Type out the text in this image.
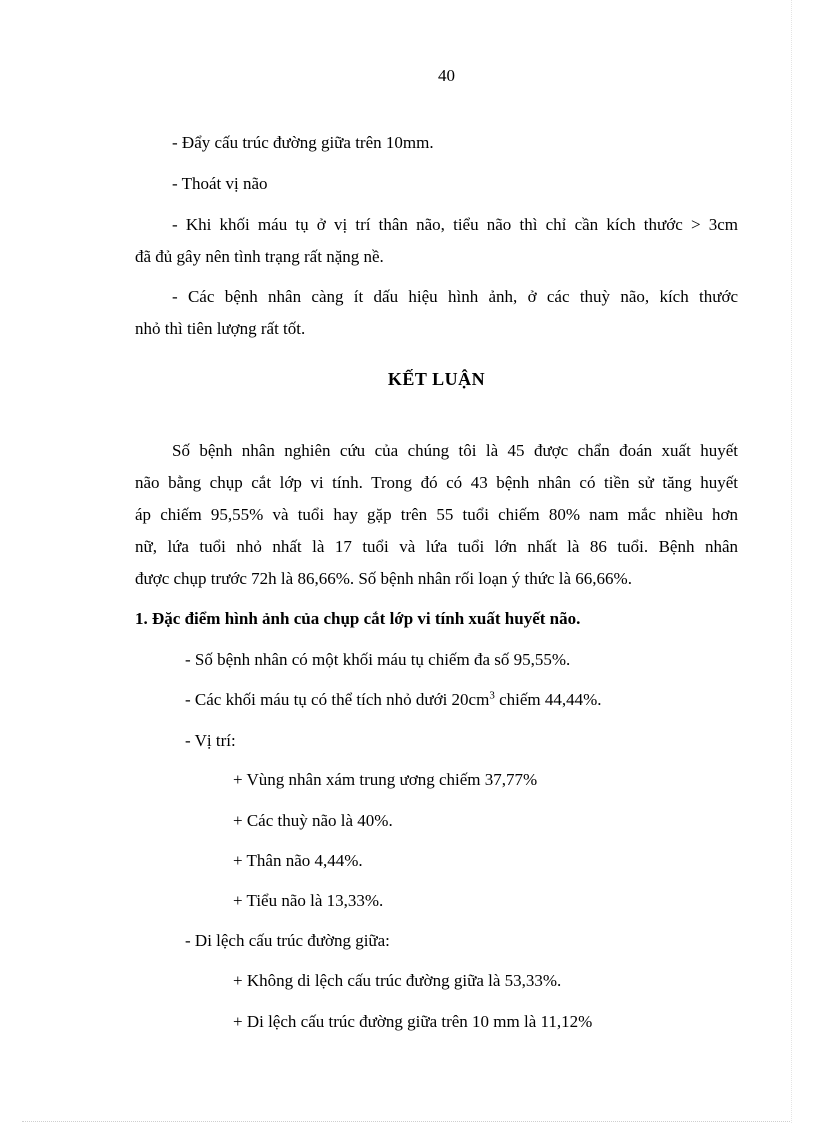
40
- Đẩy cấu trúc đường giữa trên 10mm.
- Thoát vị não
- Khi khối máu tụ ở vị trí thân não, tiểu não thì chỉ cần kích thước > 3cm
đã đủ gây nên tình trạng rất nặng nề.
- Các bệnh nhân càng ít dấu hiệu hình ảnh, ở các thuỳ não, kích thước
nhỏ thì tiên lượng rất tốt.
KẾT LUẬN
Số bệnh nhân nghiên cứu của chúng tôi là 45 được chẩn đoán xuất huyết
não bằng chụp cắt lớp vi tính. Trong đó có 43 bệnh nhân có tiền sử tăng huyết
áp chiếm 95,55% và tuổi hay gặp trên 55 tuổi chiếm 80% nam mắc nhiều hơn
nữ, lứa tuổi nhỏ nhất là 17 tuổi và lứa tuổi lớn nhất là 86 tuổi. Bệnh nhân
được chụp trước 72h là 86,66%. Số bệnh nhân rối loạn ý thức là 66,66%.
1. Đặc điểm hình ảnh của chụp cắt lớp vi tính xuất huyết não.
- Số bệnh nhân có một khối máu tụ chiếm đa số 95,55%.
- Các khối máu tụ có thể tích nhỏ dưới $20cm^3$ chiếm 44,44%.
- Vị trí:
+ Vùng nhân xám trung ương chiếm 37,77%
+ Các thuỳ não là 40%.
+ Thân não 4,44%.
+ Tiểu não là 13,33%.
- Di lệch cấu trúc đường giữa:
+ Không di lệch cấu trúc đường giữa là 53,33%.
+ Di lệch cấu trúc đường giữa trên 10 mm là 11,12%
